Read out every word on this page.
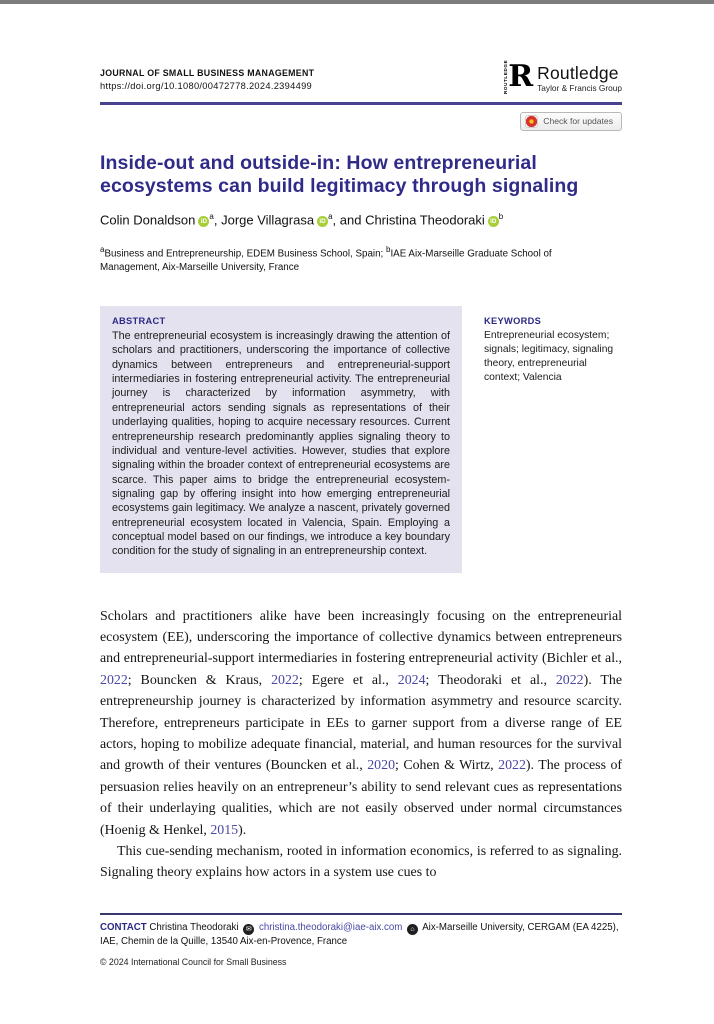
JOURNAL OF SMALL BUSINESS MANAGEMENT
https://doi.org/10.1080/00472778.2024.2394499	ROUTLEDGE R Routledge
Taylor & Francis Group
Check for updates
Inside-out and outside-in: How entrepreneurial ecosystems can build legitimacy through signaling
Colin Donaldson $iD^a$, Jorge Villagrasa $iD^a$, and Christina Theodoraki $iD^b$
$^a$Business and Entrepreneurship, EDEM Business School, Spain; $^b$IAE Aix-Marseille Graduate School of Management, Aix-Marseille University, France
ABSTRACT
The entrepreneurial ecosystem is increasingly drawing the attention of scholars and practitioners, underscoring the importance of collective dynamics between entrepreneurs and entrepreneurial-support intermediaries in fostering entrepreneurial activity. The entrepreneurial journey is characterized by information asymmetry, with entrepreneurial actors sending signals as representations of their underlaying qualities, hoping to acquire necessary resources. Current entrepreneurship research predominantly applies signaling theory to individual and venture-level activities. However, studies that explore signaling within the broader context of entrepreneurial ecosystems are scarce. This paper aims to bridge the entrepreneurial ecosystem-signaling gap by offering insight into how emerging entrepreneurial ecosystems gain legitimacy. We analyze a nascent, privately governed entrepreneurial ecosystem located in Valencia, Spain. Employing a conceptual model based on our findings, we introduce a key boundary condition for the study of signaling in an entrepreneurship context.
KEYWORDS
Entrepreneurial ecosystem; signals; legitimacy, signaling theory, entrepreneurial context; Valencia

Scholars and practitioners alike have been increasingly focusing on the entrepreneurial ecosystem (EE), underscoring the importance of collective dynamics between entrepreneurs and entrepreneurial-support intermediaries in fostering entrepreneurial activity (Bichler et al., 2022; Bouncken & Kraus, 2022; Egere et al., 2024; Theodoraki et al., 2022). The entrepreneurship journey is characterized by information asymmetry and resource scarcity. Therefore, entrepreneurs participate in EEs to garner support from a diverse range of EE actors, hoping to mobilize adequate financial, material, and human resources for the survival and growth of their ventures (Bouncken et al., 2020; Cohen & Wirtz, 2022). The process of persuasion relies heavily on an entrepreneur’s ability to send relevant cues as representations of their underlaying qualities, which are not easily observed under normal circumstances (Hoenig & Henkel, 2015).

This cue-sending mechanism, rooted in information economics, is referred to as signaling. Signaling theory explains how actors in a system use cues to

CONTACT Christina Theodoraki ✉ christina.theodoraki@iae-aix.com ⌂ Aix-Marseille University, CERGAM (EA 4225), IAE, Chemin de la Quille, 13540 Aix-en-Provence, France
© 2024 International Council for Small Business
